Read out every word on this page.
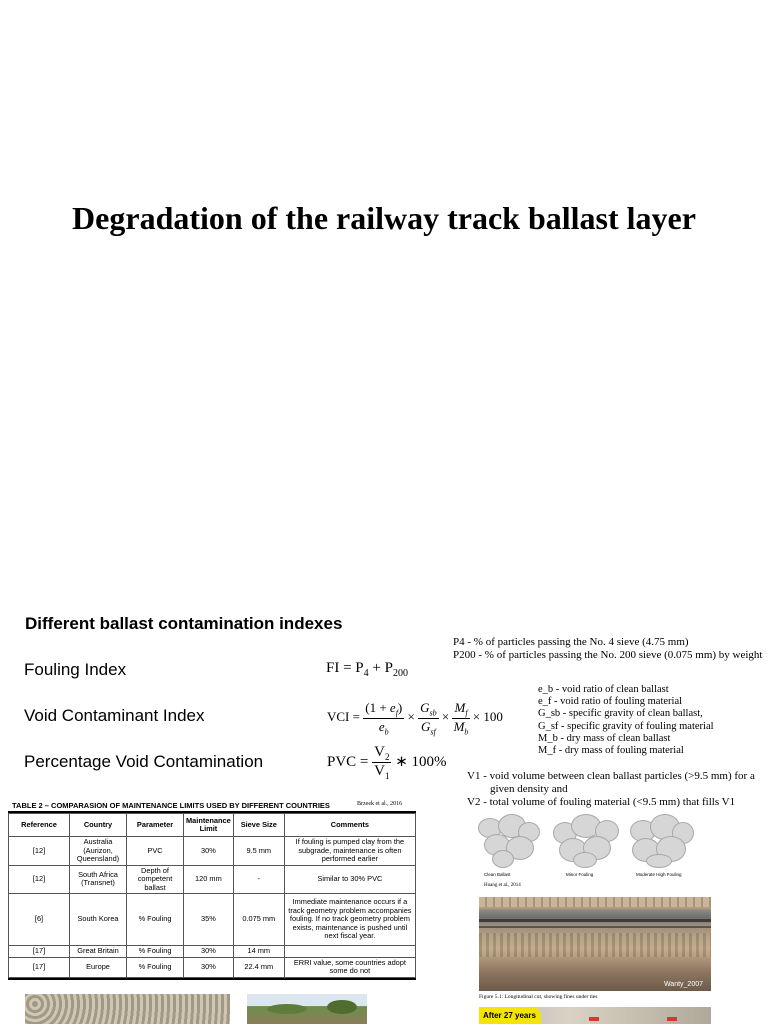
Degradation of the railway track ballast layer
Different ballast contamination indexes
Fouling Index
Void Contaminant Index
Percentage Void Contamination
FI = $P_4 + P_{200}$
VCI = $\frac{(1 + e_f)}{e_b} \times \frac{G_{sb}}{G_{sf}} \times \frac{M_f}{M_b} \times 100$
PVC = $\frac{V_2}{V_1}$ ∗ 100%
P4 - % of particles passing the No. 4 sieve (4.75 mm)
P200 - % of particles passing the No. 200 sieve (0.075 mm) by weight
e_b - void ratio of clean ballast
e_f - void ratio of fouling material
G_sb - specific gravity of clean ballast,
G_sf - specific gravity of fouling material
M_b - dry mass of clean ballast
M_f - dry mass of fouling material
V1 - void volume between clean ballast particles (>9.5 mm) for a
given density and
V2 - total volume of fouling material (<9.5 mm) that fills V1
TABLE 2 – COMPARASION OF MAINTENANCE LIMITS USED BY DIFFERENT COUNTRIES	Brzeek et al., 2016
Reference	Country	Parameter	Maintenance Limit	Sieve Size	Comments
[12]	Australia (Aurizon, Queensland)	PVC	30%	9.5 mm	If fouling is pumped clay from the subgrade, maintenance is often performed earlier
[12]	South Africa (Transnet)	Depth of competent ballast	120 mm	-	Similar to 30% PVC
[6]	South Korea	% Fouling	35%	0.075 mm	Immediate maintenance occurs if a track geometry problem accompanies fouling. If no track geometry problem exists, maintenance is pushed until next fiscal year.
[17]	Great Britain	% Fouling	30%	14 mm	
[17]	Europe	% Fouling	30%	22.4 mm	ERRI value, some countries adopt some do not
Clean Ballast	Minor Fouling	Moderate High Fouling
Huang et al., 2014
Wanty_2007
Figure 5.1: Longitudinal cut, showing fines under ties
After 27 years
